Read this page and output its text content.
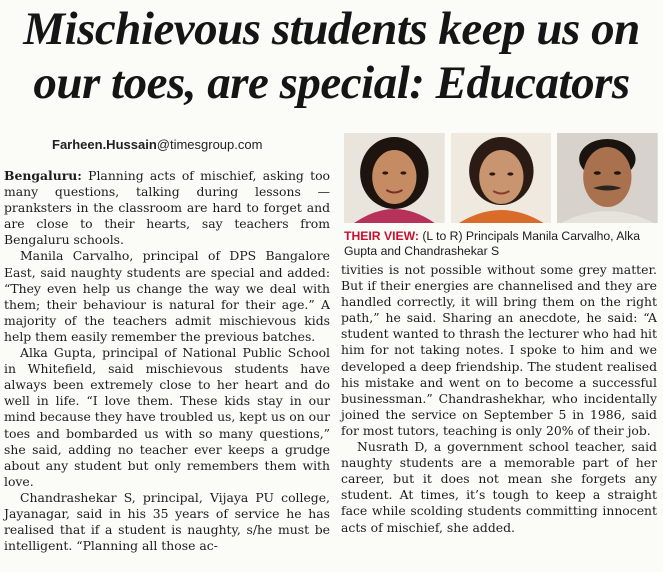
Mischievous students keep us on
our toes, are special: Educators
Farheen.Hussain@timesgroup.com
THEIR VIEW: (L to R) Principals Manila Carvalho, Alka Gupta and Chandrashekar S

Bengaluru: Planning acts of mischief, asking too many questions, talking during lessons — pranksters in the classroom are hard to forget and are close to their hearts, say teachers from Bengaluru schools.

Manila Carvalho, principal of DPS Bangalore East, said naughty students are special and added: “They even help us change the way we deal with them; their behaviour is natural for their age.” A majority of the teachers admit mischievous kids help them easily remember the previous batches.

Alka Gupta, principal of National Public School in Whitefield, said mischievous students have always been extremely close to her heart and do well in life. “I love them. These kids stay in our mind because they have troubled us, kept us on our toes and bombarded us with so many questions,” she said, adding no teacher ever keeps a grudge about any student but only remembers them with love.

Chandrashekar S, principal, Vijaya PU college, Jayanagar, said in his 35 years of service he has realised that if a student is naughty, s/he must be intelligent. “Planning all those ac-

tivities is not possible without some grey matter. But if their energies are channelised and they are handled correctly, it will bring them on the right path,” he said. Sharing an anecdote, he said: “A student wanted to thrash the lecturer who had hit him for not taking notes. I spoke to him and we developed a deep friendship. The student realised his mistake and went on to become a successful businessman.” Chandrashekhar, who incidentally joined the service on September 5 in 1986, said for most tutors, teaching is only 20% of their job.

Nusrath D, a government school teacher, said naughty students are a memorable part of her career, but it does not mean she forgets any student. At times, it’s tough to keep a straight face while scolding students committing innocent acts of mischief, she added.
